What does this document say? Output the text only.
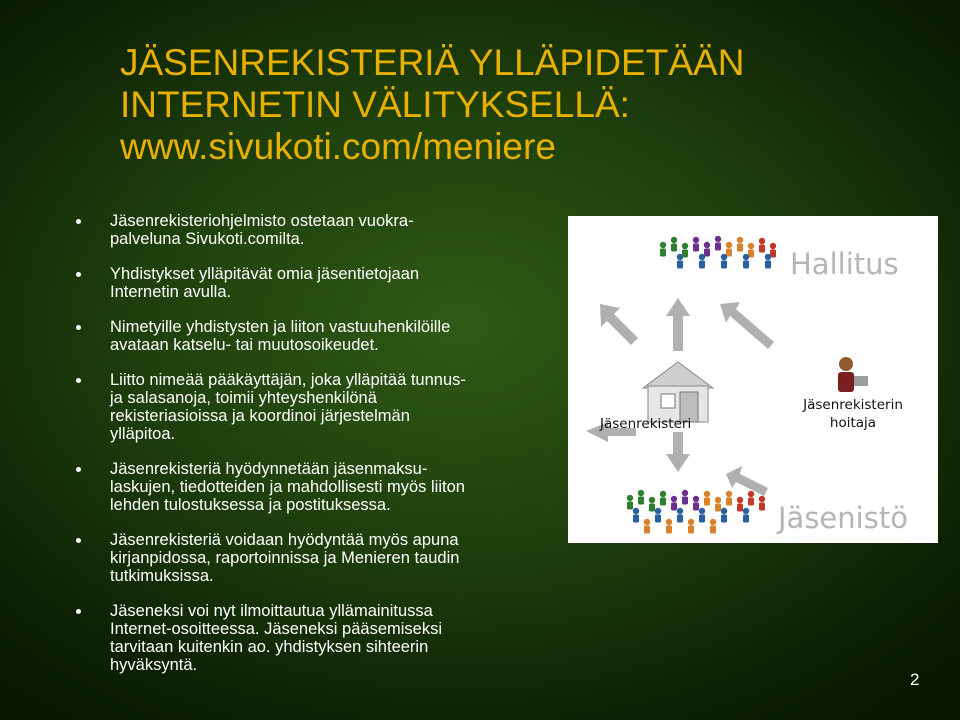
JÄSENREKISTERIÄ YLLÄPIDETÄÄN
INTERNETIN VÄLITYKSELLÄ:
www.sivukoti.com/meniere
Jäsenrekisteriohjelmisto ostetaan vuokra-
palveluna Sivukoti.comilta.
Yhdistykset ylläpitävät omia jäsentietojaan
Internetin avulla.
Nimetyille yhdistysten ja liiton vastuuhenkilöille
avataan katselu- tai muutosoikeudet.
Liitto nimeää pääkäyttäjän, joka ylläpitää tunnus-
ja salasanoja, toimii yhteyshenkilönä
rekisteriasioissa ja koordinoi järjestelmän
ylläpitoa.
Jäsenrekisteriä hyödynnetään jäsenmaksu-
laskujen, tiedotteiden ja mahdollisesti myös liiton
lehden tulostuksessa ja postituksessa.
Jäsenrekisteriä voidaan hyödyntää myös apuna
kirjanpidossa, raportoinnissa ja Menieren taudin
tutkimuksissa.
Jäseneksi voi nyt ilmoittautua yllämainitussa
Internet-osoitteessa. Jäseneksi pääsemiseksi
tarvitaan kuitenkin ao. yhdistyksen sihteerin
hyväksyntä.
Hallitus
Jäsenrekisteri
Jäsenrekisterin
hoitaja
Jäsenistö
2
